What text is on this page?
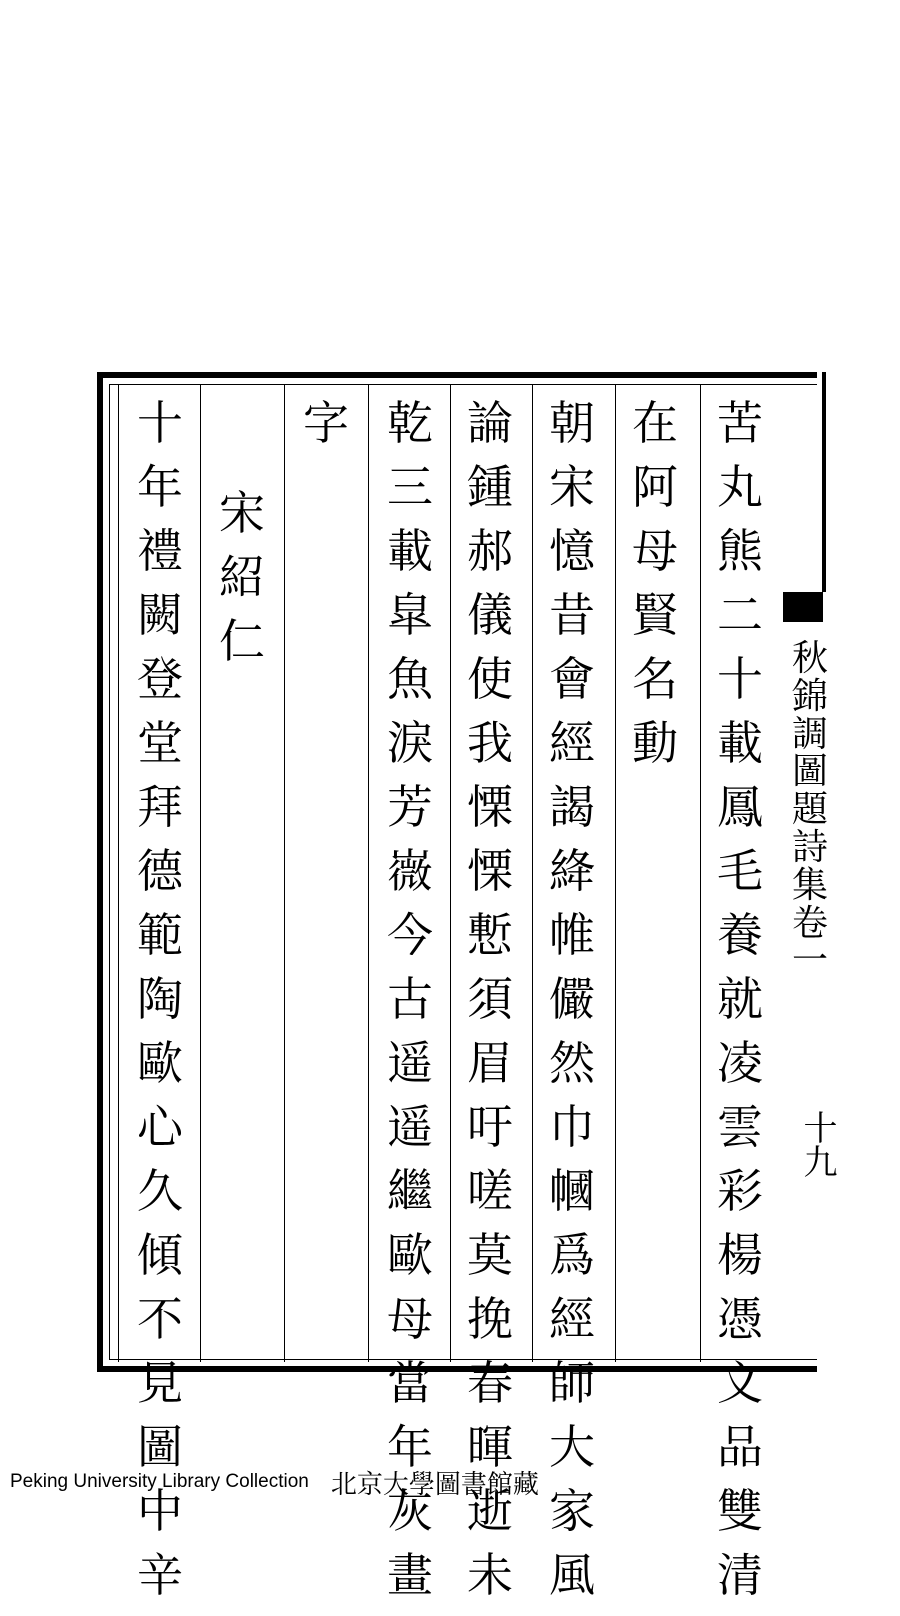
秋
錦
調
圖
題
詩
集
卷
一
十九
苦
丸
熊
二
十
載
鳳
毛
養
就
凌
雲
彩
楊
憑
文
品
雙
清
在
阿
母
賢
名
動
朝
宋
憶
昔
會
經
謁
絳
帷
儼
然
巾
幗
爲
經
師
大
家
風
論
鍾
郝
儀
使
我
慄
慄
慙
須
眉
吁
嗟
莫
挽
春
暉
逝
未
乾
三
載
皐
魚
淚
芳
嶶
今
古
遥
遥
繼
歐
母
當
年
灰
畫
字
宋
紹
仁
十
年
禮
闕
登
堂
拜
德
範
陶
歐
心
久
傾
不
見
圖
中
辛
Peking University Library Collection 北京大學圖書館藏
